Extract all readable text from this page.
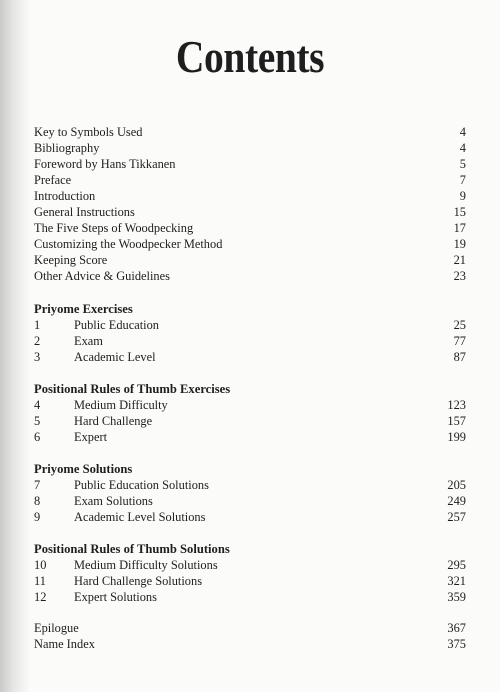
Contents
Key to Symbols Used	4
Bibliography	4
Foreword by Hans Tikkanen	5
Preface	7
Introduction	9
General Instructions	15
The Five Steps of Woodpecking	17
Customizing the Woodpecker Method	19
Keeping Score	21
Other Advice & Guidelines	23
Priyome Exercises
1	Public Education	25
2	Exam	77
3	Academic Level	87
Positional Rules of Thumb Exercises
4	Medium Difficulty	123
5	Hard Challenge	157
6	Expert	199
Priyome Solutions
7	Public Education Solutions	205
8	Exam Solutions	249
9	Academic Level Solutions	257
Positional Rules of Thumb Solutions
10 Medium Difficulty Solutions	295
11 Hard Challenge Solutions	321
12 Expert Solutions	359
Epilogue	367
Name Index	375
